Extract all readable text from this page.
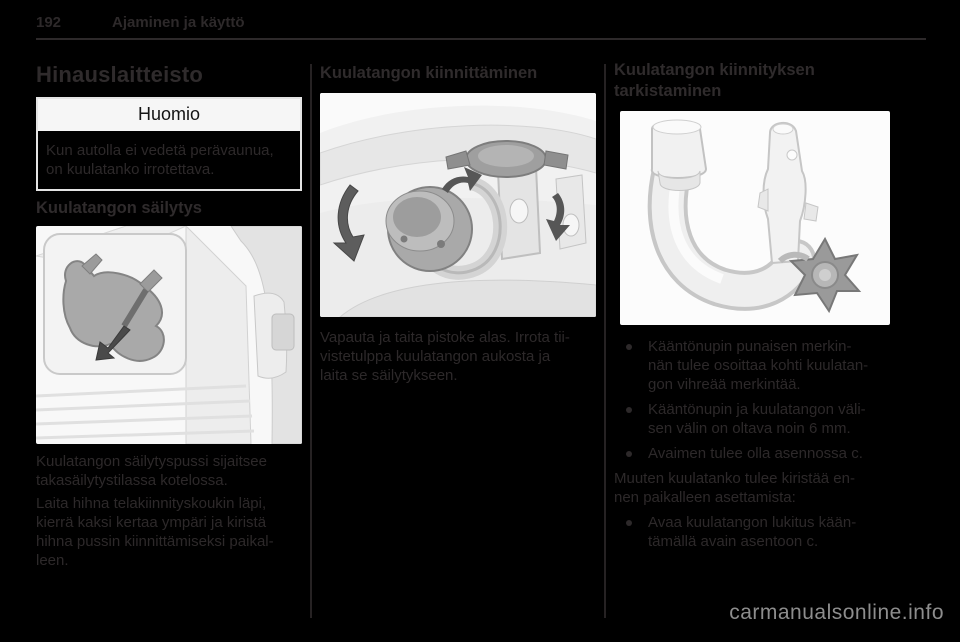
192	Ajaminen ja käyttö
Hinauslaitteisto
Huomio
Kun autolla ei vedetä perävaunua,
on kuulatanko irrotettava.
Kuulatangon säilytys
Kuulatangon säilytyspussi sijaitsee
takasäilytystilassa kotelossa.
Laita hihna telakiinnityskoukin läpi,
kierrä kaksi kertaa ympäri ja kiristä
hihna pussin kiinnittämiseksi paikal-
leen.
Kuulatangon kiinnittäminen
Vapauta ja taita pistoke alas. Irrota tii-
vistetulppa kuulatangon aukosta ja
laita se säilytykseen.
Kuulatangon kiinnityksen
tarkistaminen
Kääntönupin punaisen merkin-
nän tulee osoittaa kohti kuulatan-
gon vihreää merkintää.
Kääntönupin ja kuulatangon väli-
sen välin on oltava noin 6 mm.
Avaimen tulee olla asennossa c.
Muuten kuulatanko tulee kiristää en-
nen paikalleen asettamista:
Avaa kuulatangon lukitus kään-
tämällä avain asentoon c.
carmanualsonline.info
